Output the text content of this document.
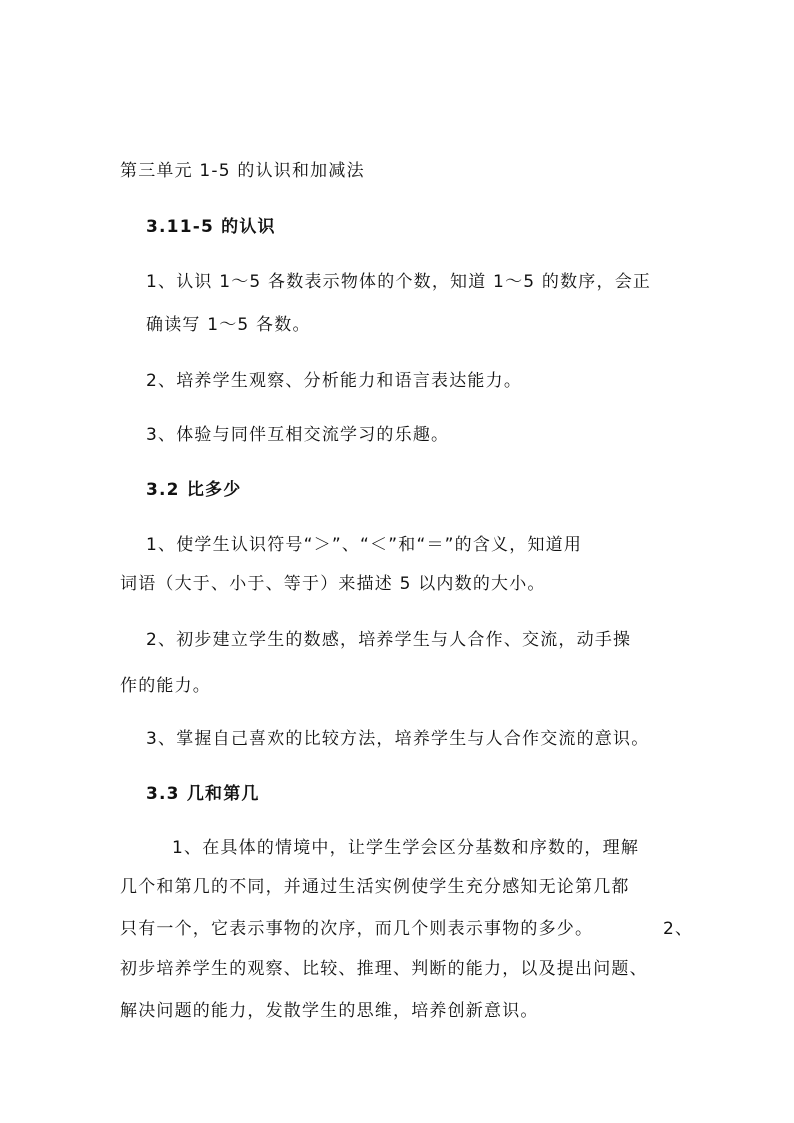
第三单元 1-5 的认识和加减法
3.11-5 的认识
1、认识 1～5 各数表示物体的个数，知道 1～5 的数序，会正
确读写 1～5 各数。
2、培养学生观察、分析能力和语言表达能力。
3、体验与同伴互相交流学习的乐趣。
3.2 比多少
1、使学生认识符号“＞”、“＜”和“＝”的含义，知道用
词语（大于、小于、等于）来描述 5 以内数的大小。
2、初步建立学生的数感，培养学生与人合作、交流，动手操
作的能力。
3、掌握自己喜欢的比较方法，培养学生与人合作交流的意识。
3.3 几和第几
1、在具体的情境中，让学生学会区分基数和序数的，理解
几个和第几的不同，并通过生活实例使学生充分感知无论第几都
只有一个，它表示事物的次序，而几个则表示事物的多少。	2、
初步培养学生的观察、比较、推理、判断的能力，以及提出问题、
解决问题的能力，发散学生的思维，培养创新意识。
